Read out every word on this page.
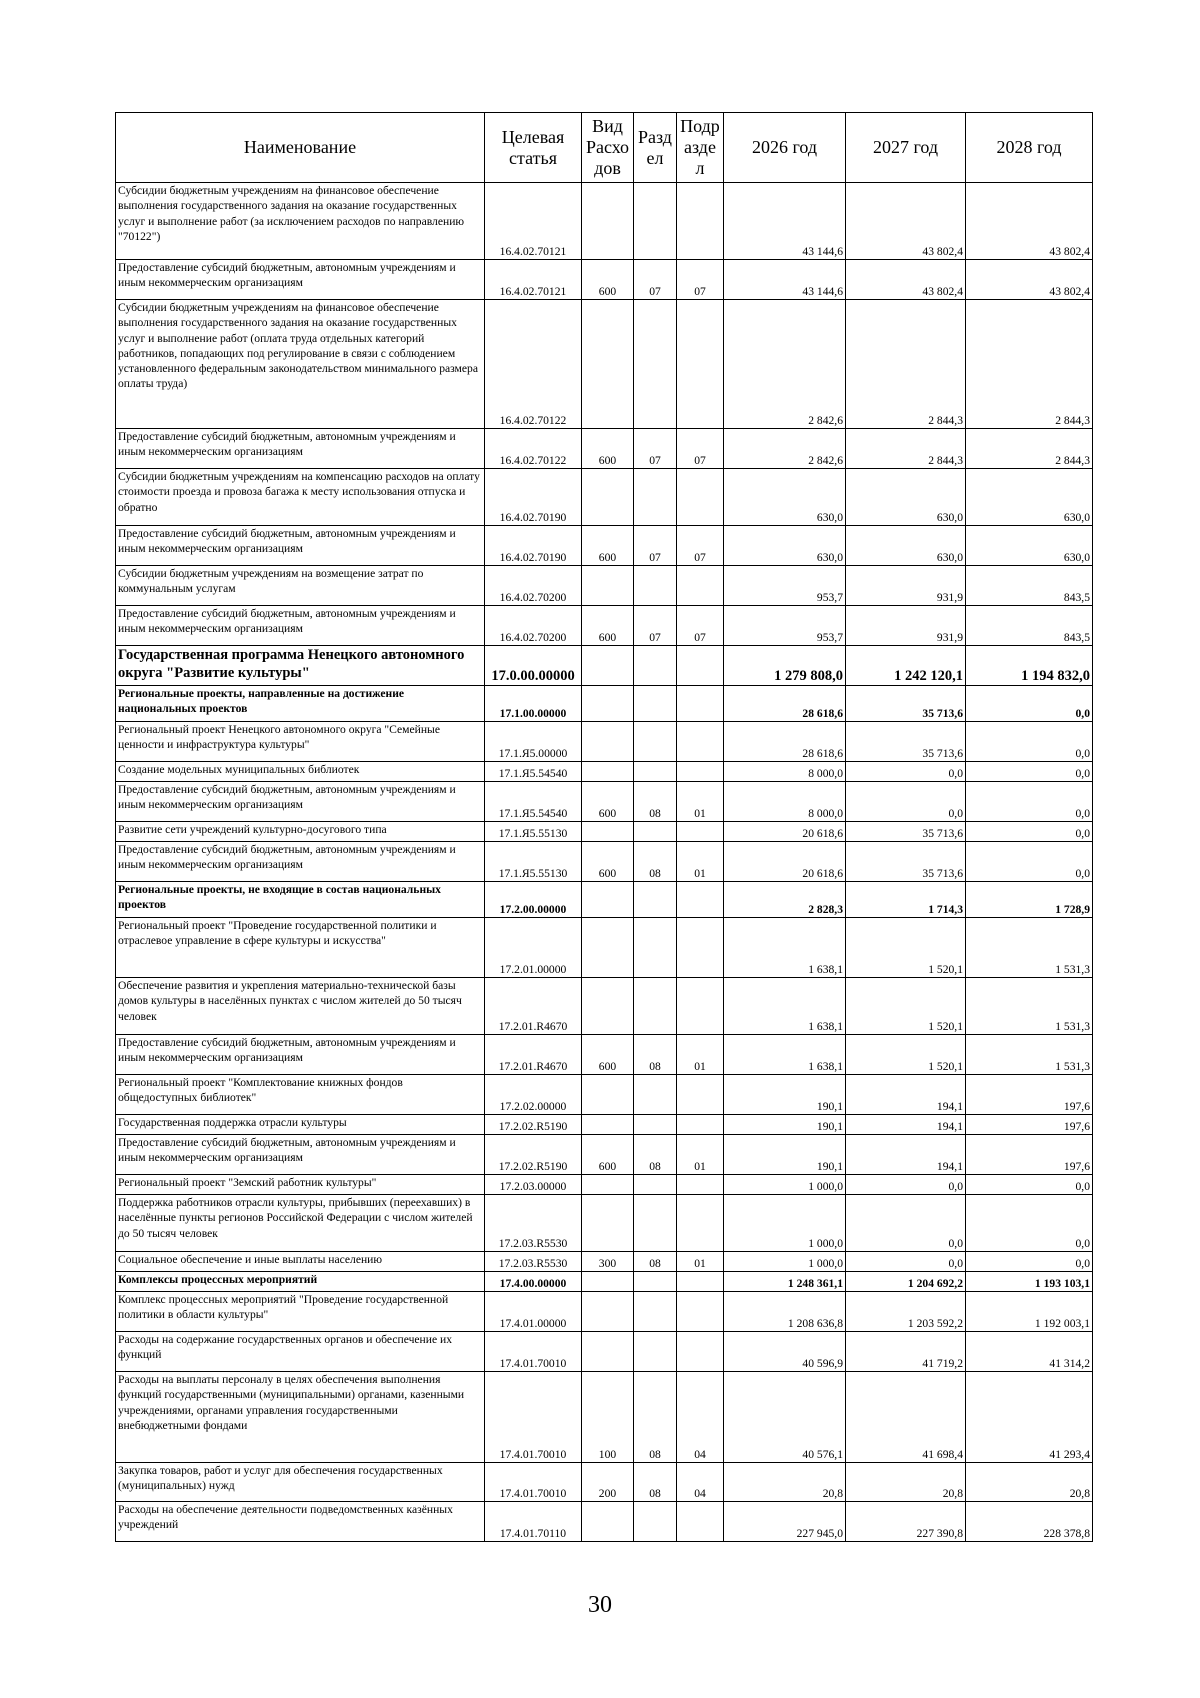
Наименование	Целевая статья	Вид Расхо дов	Разд ел	Подр азде л	2026 год	2027 год	2028 год
Субсидии бюджетным учреждениям на финансовое обеспечение выполнения государственного задания на оказание государственных услуг и выполнение работ (за исключением расходов по направлению "70122")	16.4.02.70121				43 144,6	43 802,4	43 802,4
Предоставление субсидий бюджетным, автономным учреждениям и иным некоммерческим организациям	16.4.02.70121	600	07	07	43 144,6	43 802,4	43 802,4
Субсидии бюджетным учреждениям на финансовое обеспечение выполнения государственного задания на оказание государственных услуг и выполнение работ (оплата труда отдельных категорий работников, попадающих под регулирование в связи с соблюдением установленного федеральным законодательством минимального размера оплаты труда)	16.4.02.70122				2 842,6	2 844,3	2 844,3
Предоставление субсидий бюджетным, автономным учреждениям и иным некоммерческим организациям	16.4.02.70122	600	07	07	2 842,6	2 844,3	2 844,3
Субсидии бюджетным учреждениям на компенсацию расходов на оплату стоимости проезда и провоза багажа к месту использования отпуска и обратно	16.4.02.70190				630,0	630,0	630,0
Предоставление субсидий бюджетным, автономным учреждениям и иным некоммерческим организациям	16.4.02.70190	600	07	07	630,0	630,0	630,0
Субсидии бюджетным учреждениям на возмещение затрат по коммунальным услугам	16.4.02.70200				953,7	931,9	843,5
Предоставление субсидий бюджетным, автономным учреждениям и иным некоммерческим организациям	16.4.02.70200	600	07	07	953,7	931,9	843,5
Государственная программа Ненецкого автономного округа "Развитие культуры"	17.0.00.00000				1 279 808,0	1 242 120,1	1 194 832,0
Региональные проекты, направленные на достижение национальных проектов	17.1.00.00000				28 618,6	35 713,6	0,0
Региональный проект Ненецкого автономного округа "Семейные ценности и инфраструктура культуры"	17.1.Я5.00000				28 618,6	35 713,6	0,0
Создание модельных муниципальных библиотек	17.1.Я5.54540				8 000,0	0,0	0,0
Предоставление субсидий бюджетным, автономным учреждениям и иным некоммерческим организациям	17.1.Я5.54540	600	08	01	8 000,0	0,0	0,0
Развитие сети учреждений культурно-досугового типа	17.1.Я5.55130				20 618,6	35 713,6	0,0
Предоставление субсидий бюджетным, автономным учреждениям и иным некоммерческим организациям	17.1.Я5.55130	600	08	01	20 618,6	35 713,6	0,0
Региональные проекты, не входящие в состав национальных проектов	17.2.00.00000				2 828,3	1 714,3	1 728,9
Региональный проект "Проведение государственной политики и отраслевое управление в сфере культуры и искусства"	17.2.01.00000				1 638,1	1 520,1	1 531,3
Обеспечение развития и укрепления материально-технической базы домов культуры в населённых пунктах с числом жителей до 50 тысяч человек	17.2.01.R4670				1 638,1	1 520,1	1 531,3
Предоставление субсидий бюджетным, автономным учреждениям и иным некоммерческим организациям	17.2.01.R4670	600	08	01	1 638,1	1 520,1	1 531,3
Региональный проект "Комплектование книжных фондов общедоступных библиотек"	17.2.02.00000				190,1	194,1	197,6
Государственная поддержка отрасли культуры	17.2.02.R5190				190,1	194,1	197,6
Предоставление субсидий бюджетным, автономным учреждениям и иным некоммерческим организациям	17.2.02.R5190	600	08	01	190,1	194,1	197,6
Региональный проект "Земский работник культуры"	17.2.03.00000				1 000,0	0,0	0,0
Поддержка работников отрасли культуры, прибывших (переехавших) в населённые пункты регионов Российской Федерации с числом жителей до 50 тысяч человек	17.2.03.R5530				1 000,0	0,0	0,0
Социальное обеспечение и иные выплаты населению	17.2.03.R5530	300	08	01	1 000,0	0,0	0,0
Комплексы процессных мероприятий	17.4.00.00000				1 248 361,1	1 204 692,2	1 193 103,1
Комплекс процессных мероприятий "Проведение государственной политики в области культуры"	17.4.01.00000				1 208 636,8	1 203 592,2	1 192 003,1
Расходы на содержание государственных органов и обеспечение их функций	17.4.01.70010				40 596,9	41 719,2	41 314,2
Расходы на выплаты персоналу в целях обеспечения выполнения функций государственными (муниципальными) органами, казенными учреждениями, органами управления государственными внебюджетными фондами	17.4.01.70010	100	08	04	40 576,1	41 698,4	41 293,4
Закупка товаров, работ и услуг для обеспечения государственных (муниципальных) нужд	17.4.01.70010	200	08	04	20,8	20,8	20,8
Расходы на обеспечение деятельности подведомственных казённых учреждений	17.4.01.70110				227 945,0	227 390,8	228 378,8
30
